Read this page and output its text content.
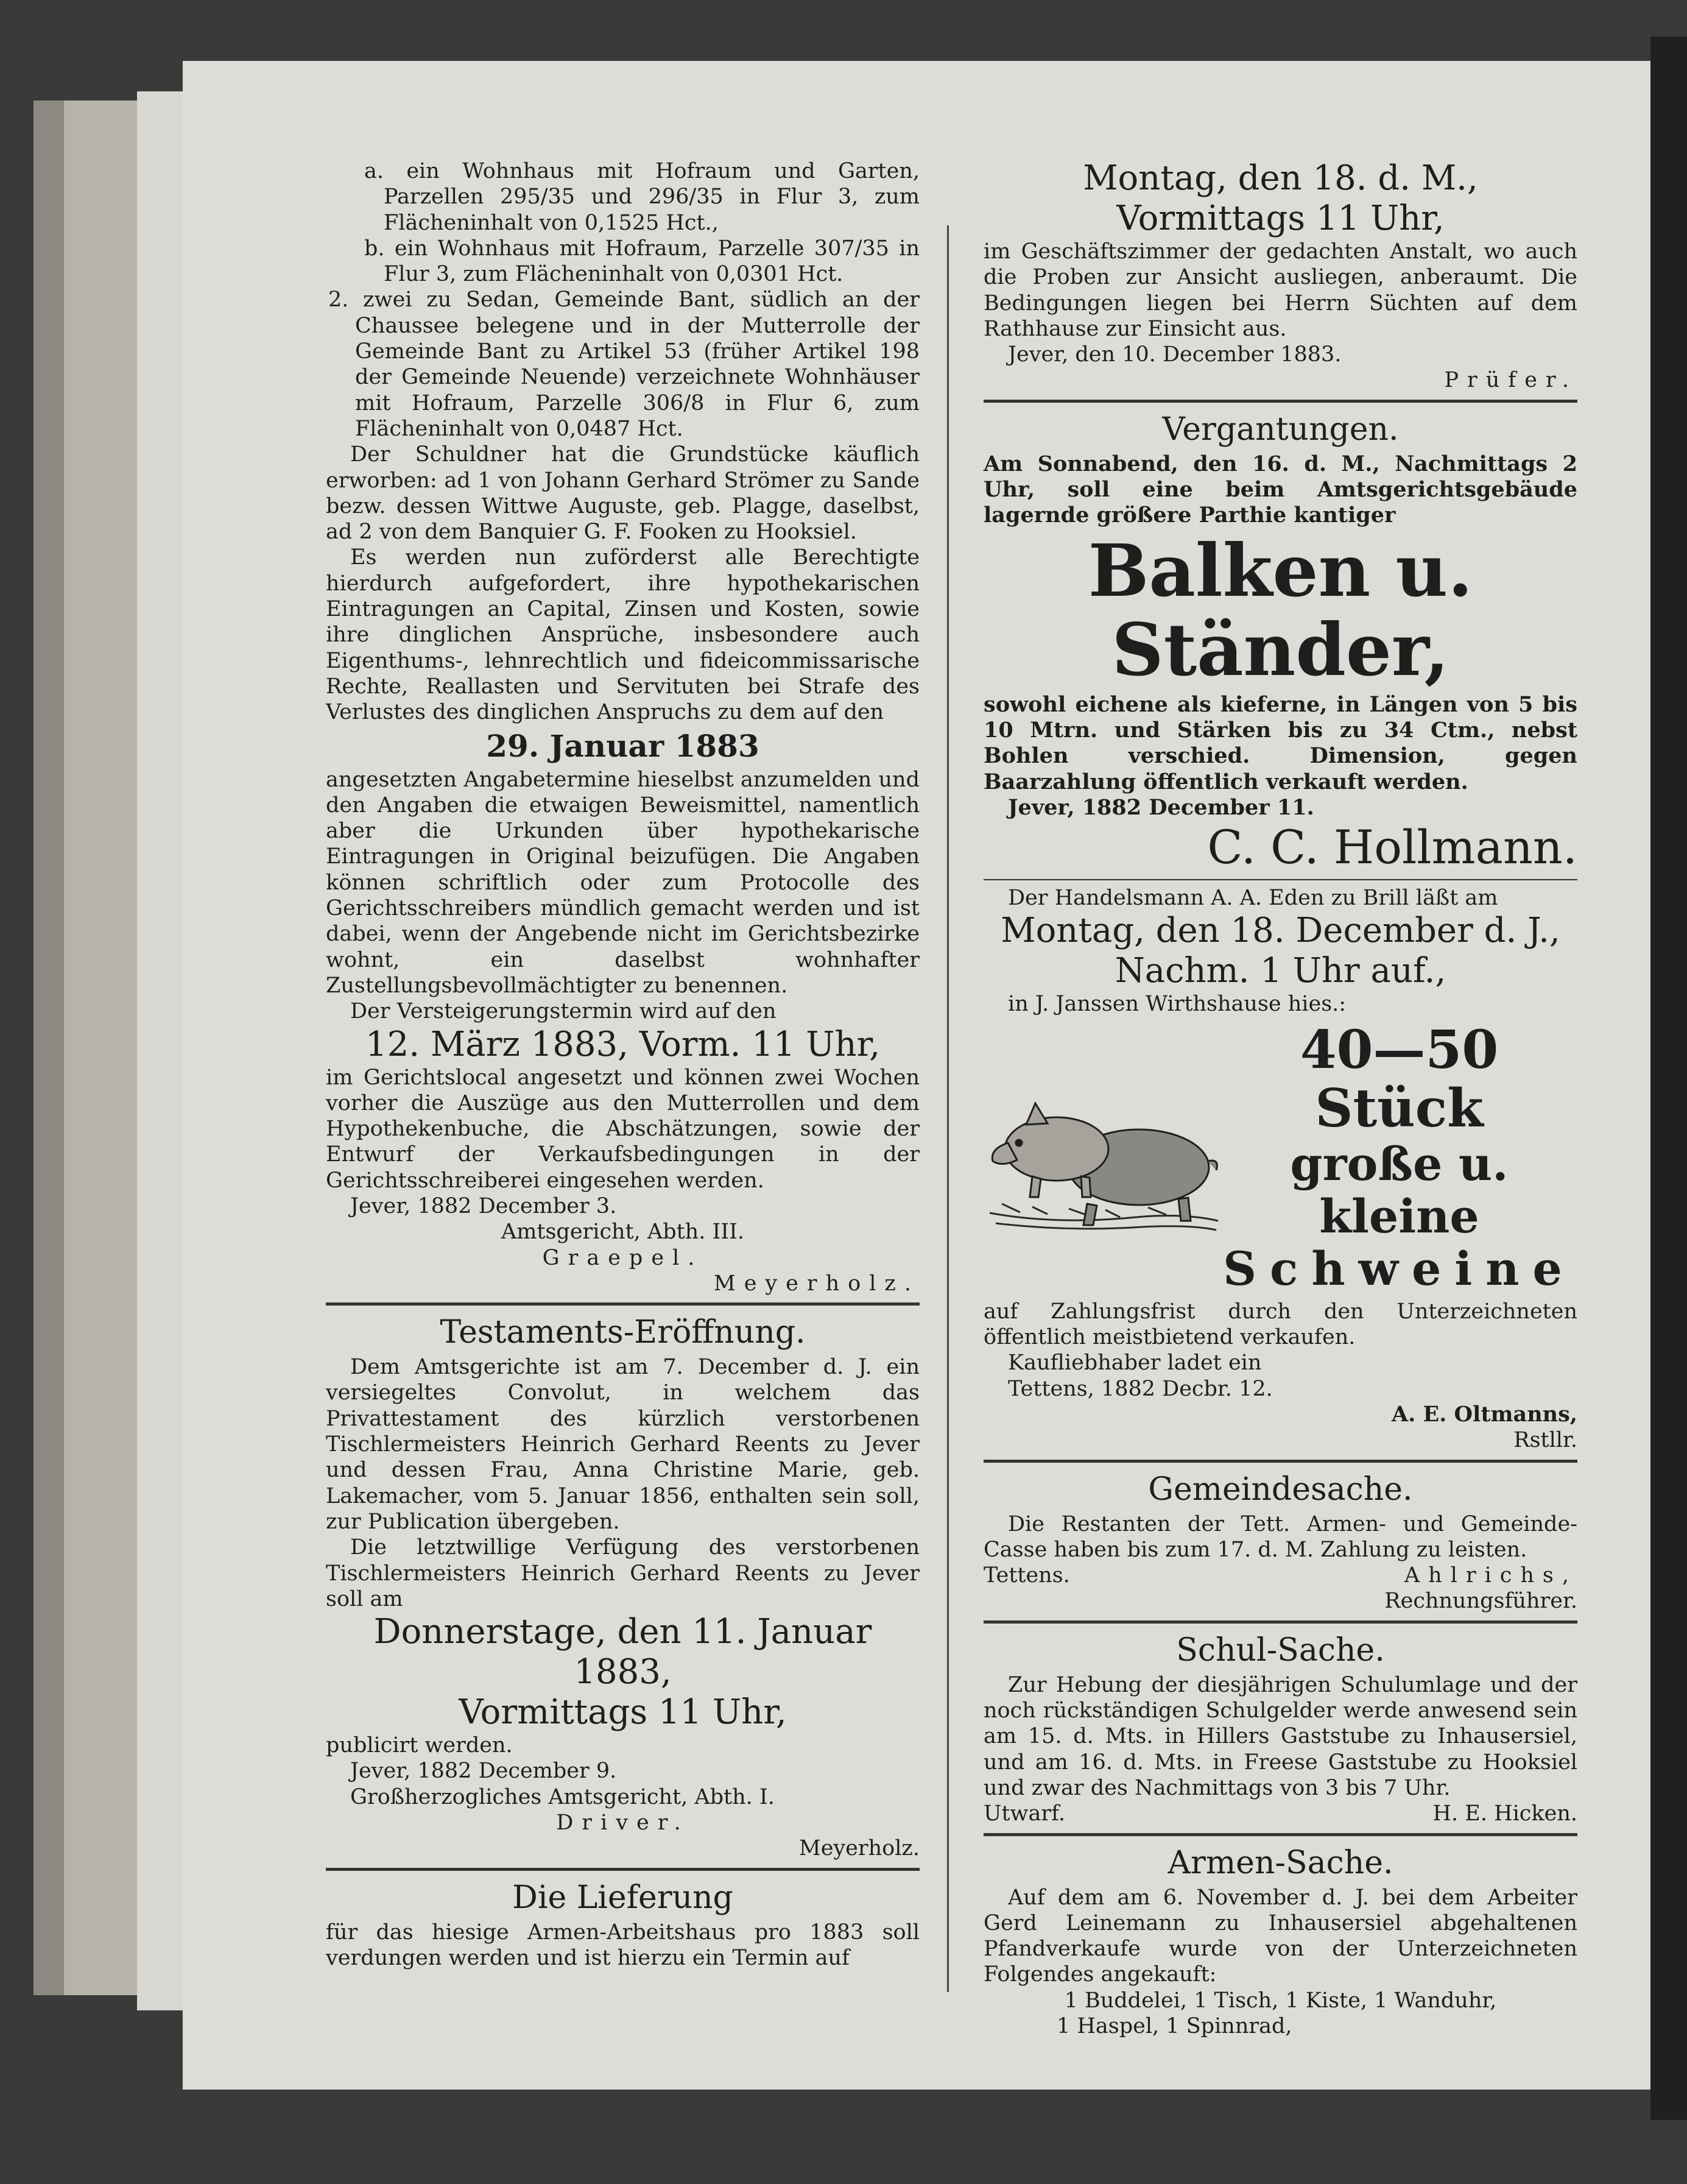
a. ein Wohnhaus mit Hofraum und Garten, Parzellen 295/35 und 296/35 in Flur 3, zum Flächeninhalt von 0,1525 Hct.,

b. ein Wohnhaus mit Hofraum, Parzelle 307/35 in Flur 3, zum Flächeninhalt von 0,0301 Hct.

2. zwei zu Sedan, Gemeinde Bant, südlich an der Chaussee belegene und in der Mutterrolle der Gemeinde Bant zu Artikel 53 (früher Artikel 198 der Gemeinde Neuende) verzeichnete Wohnhäuser mit Hofraum, Parzelle 306/8 in Flur 6, zum Flächeninhalt von 0,0487 Hct.

Der Schuldner hat die Grundstücke käuflich erworben: ad 1 von Johann Gerhard Strömer zu Sande bezw. dessen Wittwe Auguste, geb. Plagge, daselbst, ad 2 von dem Banquier G. F. Fooken zu Hooksiel.

Es werden nun zuförderst alle Berechtigte hierdurch aufgefordert, ihre hypothekarischen Eintragungen an Capital, Zinsen und Kosten, sowie ihre dinglichen Ansprüche, insbesondere auch Eigenthums-, lehnrechtlich und fideicommissarische Rechte, Reallasten und Servituten bei Strafe des Verlustes des dinglichen Anspruchs zu dem auf den

29. Januar 1883

angesetzten Angabetermine hieselbst anzumelden und den Angaben die etwaigen Beweismittel, namentlich aber die Urkunden über hypothekarische Eintragungen in Original beizufügen. Die Angaben können schriftlich oder zum Protocolle des Gerichtsschreibers mündlich gemacht werden und ist dabei, wenn der Angebende nicht im Gerichtsbezirke wohnt, ein daselbst wohnhafter Zustellungsbevollmächtigter zu benennen.

Der Versteigerungstermin wird auf den

12. März 1883, Vorm. 11 Uhr,

im Gerichtslocal angesetzt und können zwei Wochen vorher die Auszüge aus den Mutterrollen und dem Hypothekenbuche, die Abschätzungen, sowie der Entwurf der Verkaufsbedingungen in der Gerichtsschreiberei eingesehen werden.

Jever, 1882 December 3.

Amtsgericht, Abth. III.

Graepel.

Meyerholz.

Testaments-Eröffnung.

Dem Amtsgerichte ist am 7. December d. J. ein versiegeltes Convolut, in welchem das Privattestament des kürzlich verstorbenen Tischlermeisters Heinrich Gerhard Reents zu Jever und dessen Frau, Anna Christine Marie, geb. Lakemacher, vom 5. Januar 1856, enthalten sein soll, zur Publication übergeben.

Die letztwillige Verfügung des verstorbenen Tischlermeisters Heinrich Gerhard Reents zu Jever soll am

Donnerstage, den 11. Januar 1883,

Vormittags 11 Uhr,

publicirt werden.

Jever, 1882 December 9.

Großherzogliches Amtsgericht, Abth. I.

Driver.

Meyerholz.

Die Lieferung

für das hiesige Armen-Arbeitshaus pro 1883 soll verdungen werden und ist hierzu ein Termin auf

Montag, den 18. d. M.,

Vormittags 11 Uhr,

im Geschäftszimmer der gedachten Anstalt, wo auch die Proben zur Ansicht ausliegen, anberaumt. Die Bedingungen liegen bei Herrn Süchten auf dem Rathhause zur Einsicht aus.

Jever, den 10. December 1883.

Prüfer.

Vergantungen.

Am Sonnabend, den 16. d. M., Nachmittags 2 Uhr, soll eine beim Amtsgerichtsgebäude lagernde größere Parthie kantiger

Balken u. Ständer,

sowohl eichene als kieferne, in Längen von 5 bis 10 Mtrn. und Stärken bis zu 34 Ctm., nebst Bohlen verschied. Dimension, gegen Baarzahlung öffentlich verkauft werden.

Jever, 1882 December 11.

C. C. Hollmann.

Der Handelsmann A. A. Eden zu Brill läßt am

Montag, den 18. December d. J.,

Nachm. 1 Uhr auf.,

in J. Janssen Wirthshause hies.:

40—50 Stück

große u. kleine

Schweine

auf Zahlungsfrist durch den Unterzeichneten öffentlich meistbietend verkaufen.

Kaufliebhaber ladet ein

Tettens, 1882 Decbr. 12.

A. E. Oltmanns,

Rstllr.

Gemeindesache.

Die Restanten der Tett. Armen- und Gemeinde-Casse haben bis zum 17. d. M. Zahlung zu leisten.

Tettens.	Ahlrichs,

Rechnungsführer.

Schul-Sache.

Zur Hebung der diesjährigen Schulumlage und der noch rückständigen Schulgelder werde anwesend sein am 15. d. Mts. in Hillers Gaststube zu Inhausersiel, und am 16. d. Mts. in Freese Gaststube zu Hooksiel und zwar des Nachmittags von 3 bis 7 Uhr.

Utwarf.	H. E. Hicken.

Armen-Sache.

Auf dem am 6. November d. J. bei dem Arbeiter Gerd Leinemann zu Inhausersiel abgehaltenen Pfandverkaufe wurde von der Unterzeichneten Folgendes angekauft:

1 Buddelei, 1 Tisch, 1 Kiste, 1 Wanduhr,

1 Haspel, 1 Spinnrad,
